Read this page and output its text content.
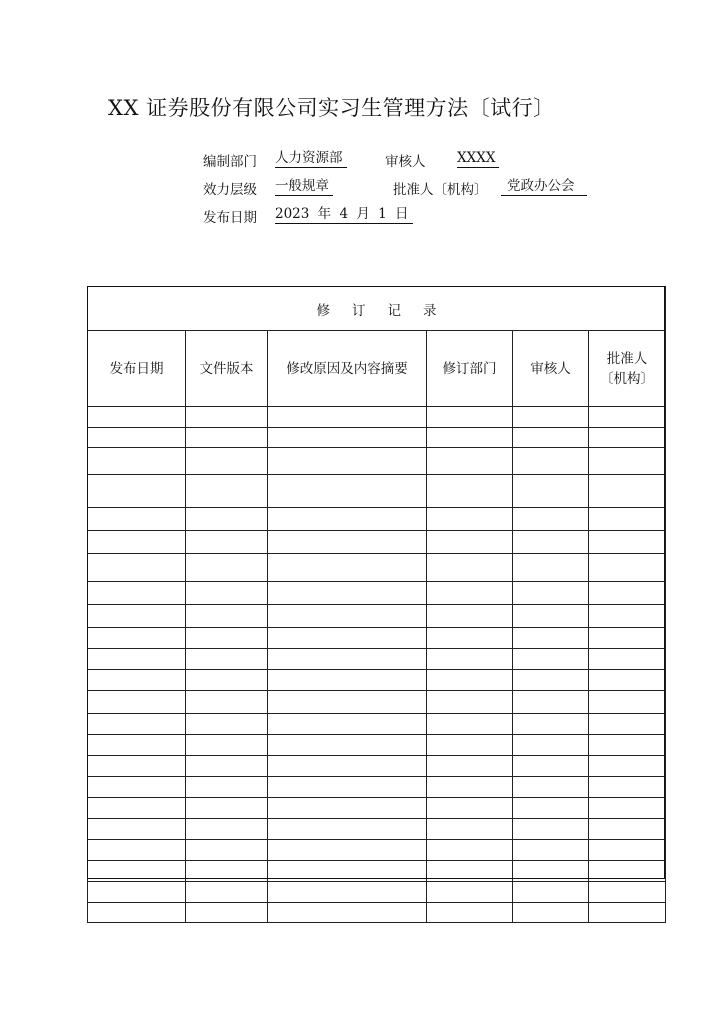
XX 证券股份有限公司实习生管理方法〔试行〕
编制部门 人力资源部	审核人 XXXX
效力层级 一般规章	批准人〔机构〕	党政办公会
发布日期 2023 年 4 月 1 日
修订记录					
发布日期	文件版本	修改原因及内容摘要	修订部门	审核人	批准人
〔机构〕
